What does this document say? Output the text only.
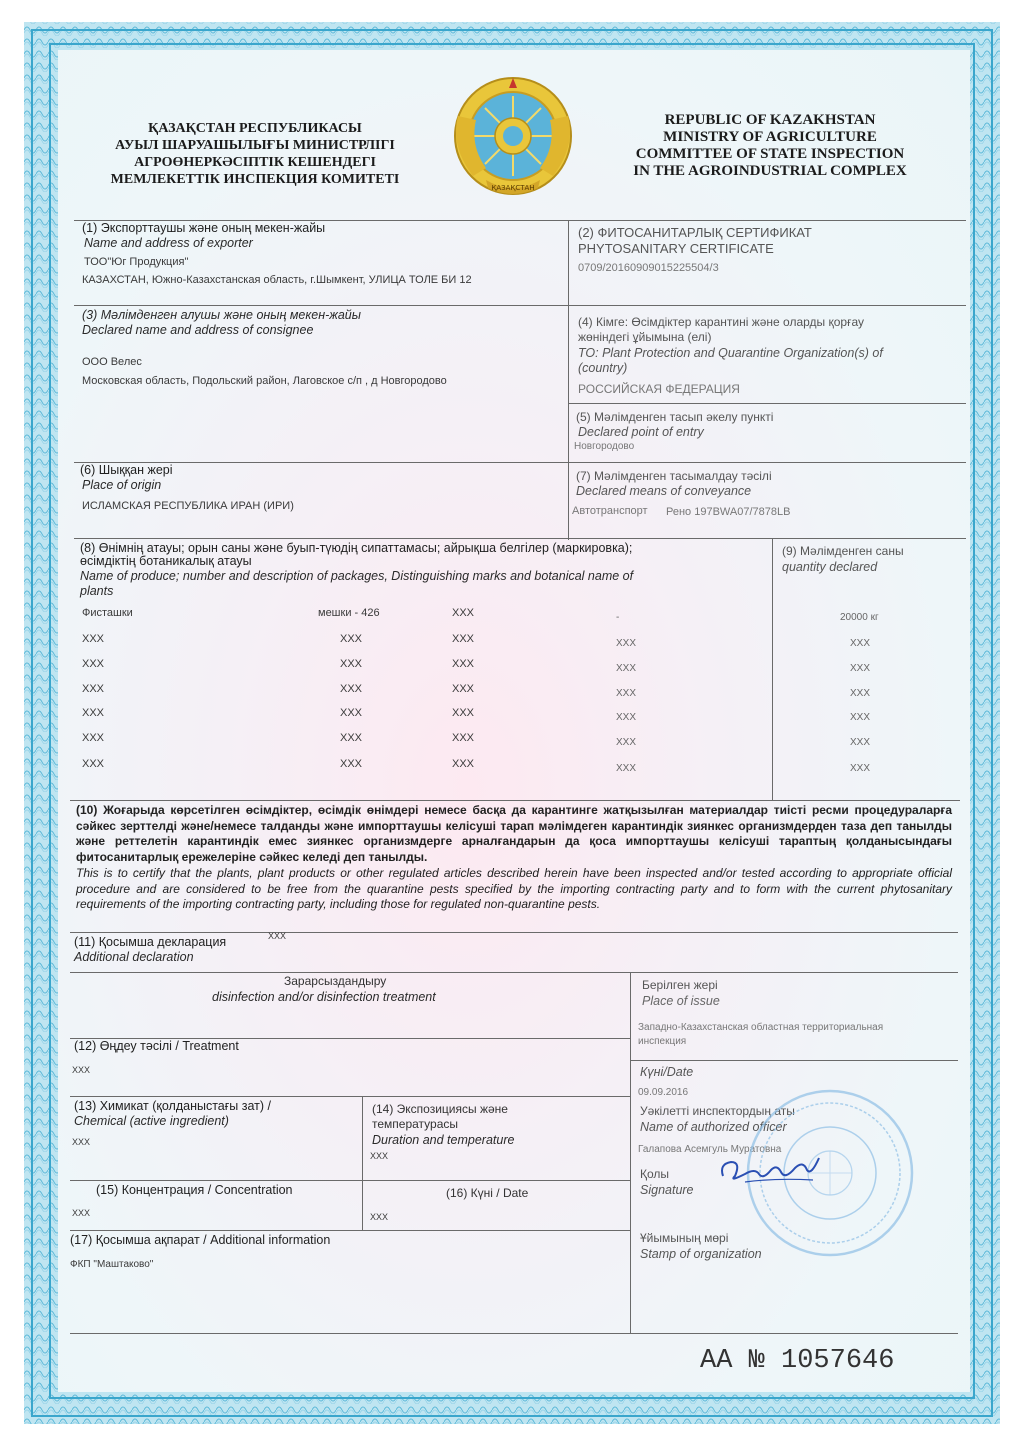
ҚАЗАҚСТАН РЕСПУБЛИКАСЫ
АУЫЛ ШАРУАШЫЛЫҒЫ МИНИСТРЛІГІ
АГРОӨНЕРКӘСІПТІК КЕШЕНДЕГІ
МЕМЛЕКЕТТІК ИНСПЕКЦИЯ КОМИТЕТІ
ҚАЗАҚСТАН
REPUBLIC OF KAZAKHSTAN
MINISTRY OF AGRICULTURE
COMMITTEE OF STATE INSPECTION
IN THE AGROINDUSTRIAL COMPLEX
(1) Экспорттаушы және оның мекен-жайы
Name and address of exporter
ТОО"Юг Продукция"
КАЗАХСТАН, Южно-Казахстанская область, г.Шымкент, УЛИЦА ТОЛЕ БИ 12
(2) ФИТОСАНИТАРЛЫҚ СЕРТИФИКАТ
PHYTOSANITARY CERTIFICATE
0709/20160909015225504/3
(3) Мәлімденген алушы және оның мекен-жайы
Declared name and address of consignee
ООО Велес
Московская область, Подольский район, Лаговское с/п , д Новгородово
(4) Кімге: Өсімдіктер карантині және оларды қорғау
жөніндегі ұйымына (елі)
TO: Plant Protection and Quarantine Organization(s) of
(country)
РОССИЙСКАЯ ФЕДЕРАЦИЯ
(5) Мәлімденген тасып әкелу пункті
Declared point of entry
Новгородово
(6) Шыққан жері
Place of origin
ИСЛАМСКАЯ РЕСПУБЛИКА ИРАН (ИРИ)
(7) Мәлімденген тасымалдау тәсілі
Declared means of conveyance
Автотранспорт Рено 197BWA07/7878LB
(8) Өнімнің атауы; орын саны және буып-түюдің сипаттамасы; айрықша белгілер (маркировка);
өсімдіктің ботаникалық атауы
Name of produce; number and description of packages, Distinguishing marks and botanical name of
plants
(9) Мәлімденген саны
quantity declared
Фисташки	мешки - 426	XXX	-	20000 кг
XXX	XXX	XXX	XXX	XXX
XXX	XXX	XXX	XXX	XXX
XXX	XXX	XXX	XXX	XXX
XXX	XXX	XXX	XXX	XXX
XXX	XXX	XXX	XXX	XXX
XXX	XXX	XXX	XXX	XXX
(10) Жоғарыда көрсетілген өсімдіктер, өсімдік өнімдері немесе басқа да карантинге жатқызылған материалдар тиісті ресми процедураларға сәйкес зерттелді және/немесе талданды және импорттаушы келісуші тарап мәлімдеген карантиндік зиянкес организмдерден таза деп танылды және реттелетін карантиндік емес зиянкес организмдерге арналғандарын да қоса импорттаушы келісуші тараптың қолданысындағы фитосанитарлық ережелеріне сәйкес келеді деп танылды.
This is to certify that the plants, plant products or other regulated articles described herein have been inspected and/or tested according to appropriate official procedure and are considered to be free from the quarantine pests specified by the importing contracting party and to form with the current phytosanitary requirements of the importing contracting party, including those for regulated non-quarantine pests.
(11) Қосымша декларация
Additional declaration
XXX
Зарарсыздандыру
disinfection and/or disinfection treatment
(12) Өңдеу тәсілі / Treatment
XXX
(13) Химикат (қолданыстағы зат) /
Chemical (active ingredient)
XXX
(14) Экспозициясы және
температурасы
Duration and temperature
XXX
(15) Концентрация / Concentration
XXX
(16) Күні / Date
XXX
(17) Қосымша ақпарат / Additional information
ФКП "Маштаково"
Берілген жері
Place of issue
Западно-Казахстанская областная территориальная
инспекция
Күні/Date
09.09.2016
Уәкілетті инспектордың аты
Name of authorized officer
Галапова Асемгуль Муратовна
Қолы
Signature
Ұйымының мөрі
Stamp of organization
AA № 1057646
